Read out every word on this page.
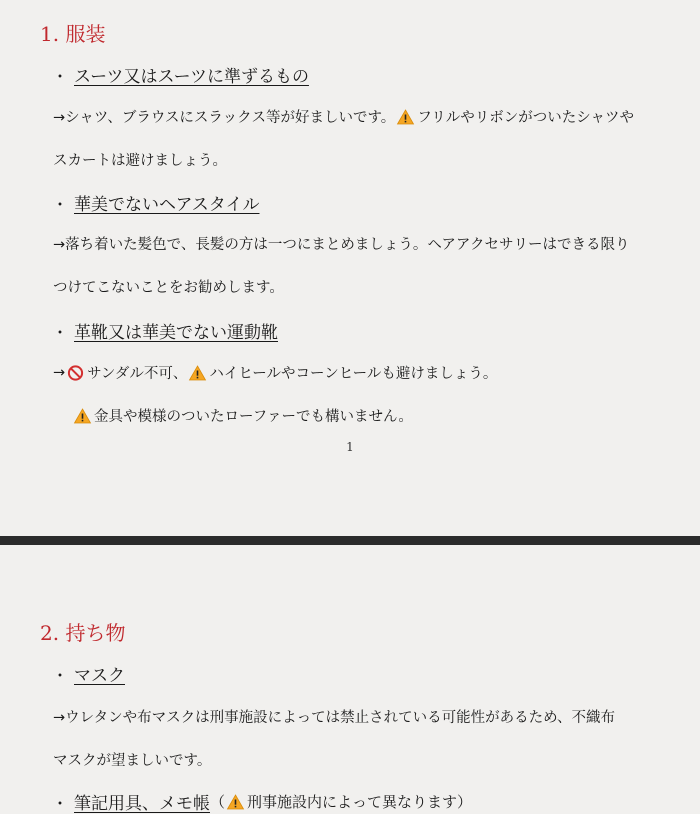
1. 服装
・ スーツ又はスーツに準ずるもの
→シャツ、ブラウスにスラックス等が好ましいです。 フリルやリボンがついたシャツや
スカートは避けましょう。
・ 華美でないヘアスタイル
→落ち着いた髪色で、長髪の方は一つにまとめましょう。ヘアアクセサリーはできる限り
つけてこないことをお勧めします。
・ 革靴又は華美でない運動靴
→ サンダル不可、 ハイヒールやコーンヒールも避けましょう。
金具や模様のついたローファーでも構いません。
1
2. 持ち物
・ マスク
→ウレタンや布マスクは刑事施設によっては禁止されている可能性があるため、不織布
マスクが望ましいです。
・ 筆記用具、メモ帳 （ 刑事施設内によって異なります）
